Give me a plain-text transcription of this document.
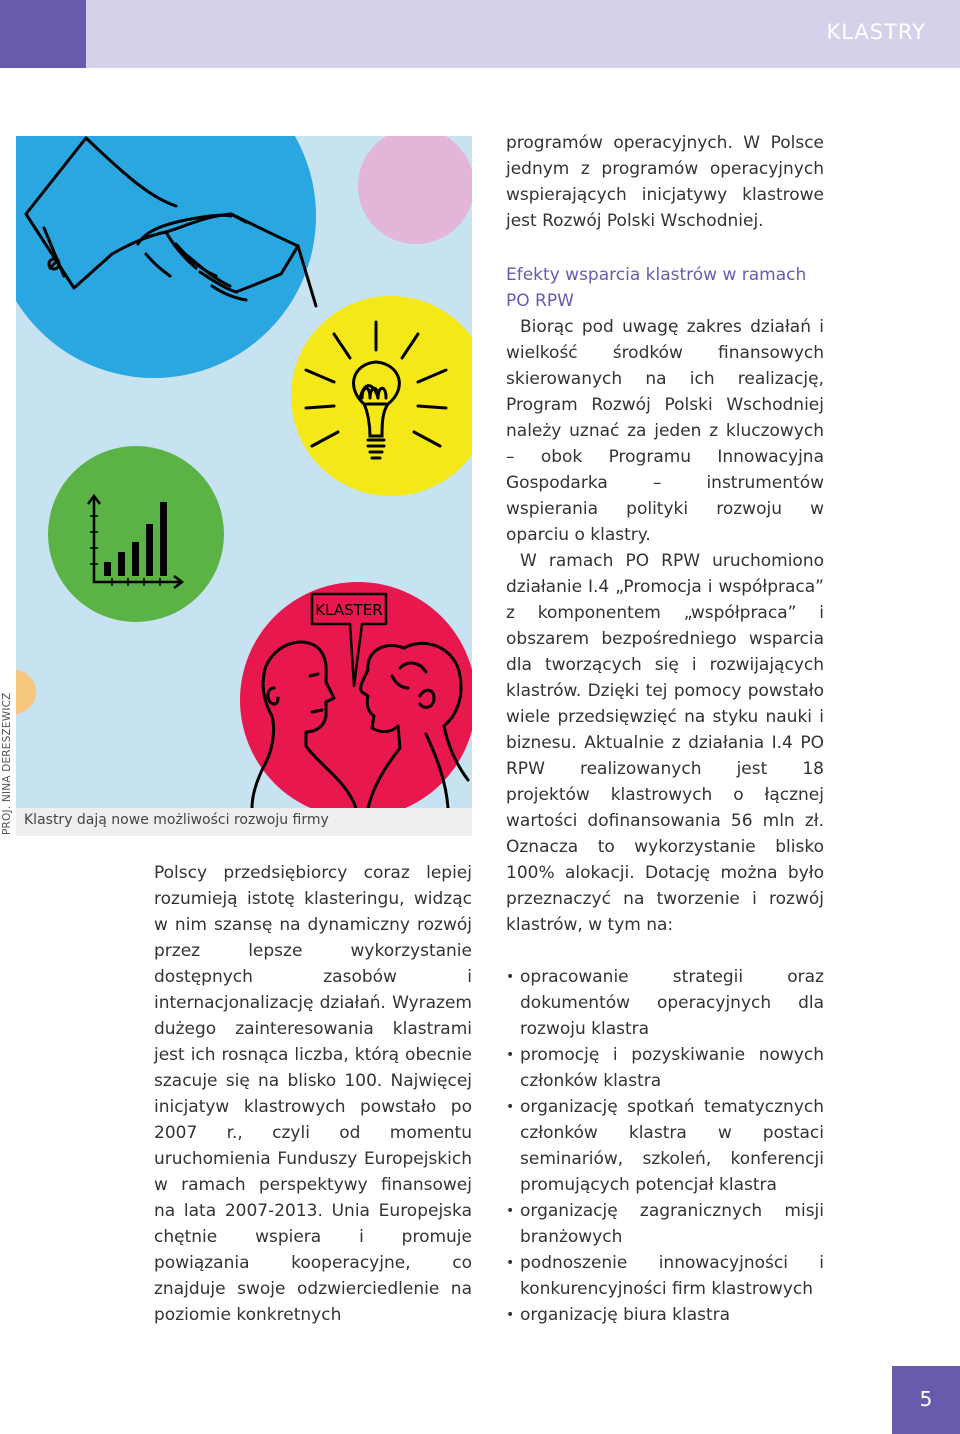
KLASTRY
PROJ. NINA DERESZEWICZ
KLASTER
Klastry dają nowe możliwości rozwoju firmy

Polscy przedsiębiorcy coraz lepiej rozumieją istotę klasteringu, widząc w nim szansę na dynamiczny rozwój przez lepsze wykorzystanie dostępnych zasobów i internacjonalizację działań. Wyrazem dużego zainteresowania klastrami jest ich rosnąca liczba, którą obecnie szacuje się na blisko 100. Najwięcej inicjatyw klastrowych powstało po 2007 r., czyli od momentu uruchomienia Funduszy Europejskich w ramach perspektywy finansowej na lata 2007-2013. Unia Europejska chętnie wspiera i promuje powiązania kooperacyjne, co znajduje swoje odzwierciedlenie na poziomie konkretnych

programów operacyjnych. W Polsce jednym z programów operacyjnych wspierających inicjatywy klastrowe jest Rozwój Polski Wschodniej.

Efekty wsparcia klastrów w ramach PO RPW

Biorąc pod uwagę zakres działań i wielkość środków finansowych skierowanych na ich realizację, Program Rozwój Polski Wschodniej należy uznać za jeden z kluczowych – obok Programu Innowacyjna Gospodarka – instrumentów wspierania polityki rozwoju w oparciu o klastry.

W ramach PO RPW uruchomiono działanie I.4 „Promocja i współpraca” z komponentem „współpraca” i obszarem bezpośredniego wsparcia dla tworzących się i rozwijających klastrów. Dzięki tej pomocy powstało wiele przedsięwzięć na styku nauki i biznesu. Aktualnie z działania I.4 PO RPW realizowanych jest 18 projektów klastrowych o łącznej wartości dofinansowania 56 mln zł. Oznacza to wykorzystanie blisko 100% alokacji. Dotację można było przeznaczyć na tworzenie i rozwój klastrów, w tym na:

• opracowanie strategii oraz dokumentów operacyjnych dla rozwoju klastra
• promocję i pozyskiwanie nowych członków klastra
• organizację spotkań tematycznych członków klastra w postaci seminariów, szkoleń, konferencji promujących potencjał klastra
• organizację zagranicznych misji branżowych
• podnoszenie innowacyjności i konkurencyjności firm klastrowych
• organizację biura klastra
5
